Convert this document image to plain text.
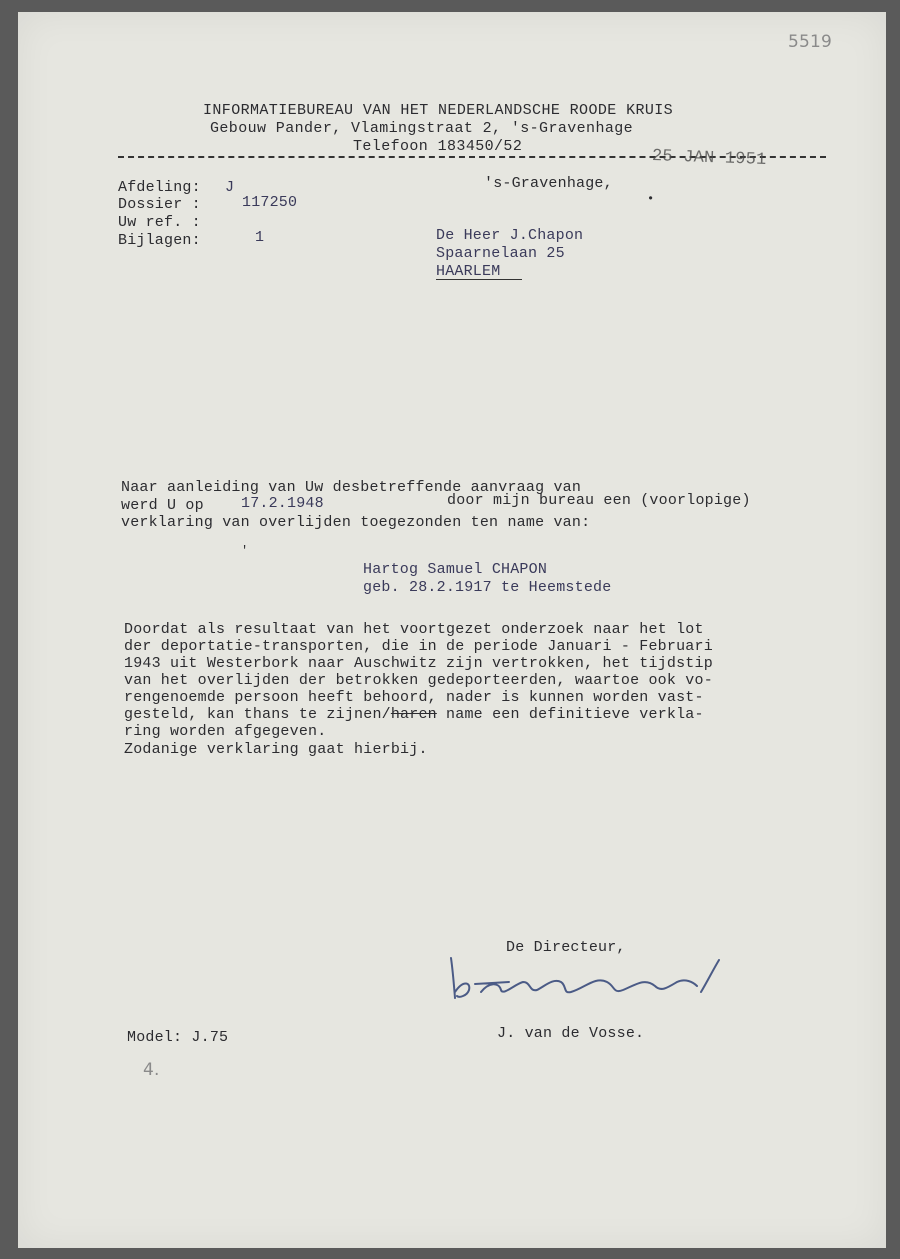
5519
INFORMATIEBUREAU VAN HET NEDERLANDSCHE ROODE KRUIS
Gebouw Pander, Vlamingstraat 2, 's-Gravenhage
Telefoon 183450/52
25 JAN 1951
's-Gravenhage,
•
Afdeling: J
Dossier :	117250
Uw ref. :
Bijlagen:	1	De Heer J.Chapon
Spaarnelaan 25
HAARLEM
Naar aanleiding van Uw desbetreffende aanvraag van
werd U op 17.2.1948	door mijn bureau een (voorlopige)
verklaring van overlijden toegezonden ten name van:
'
Hartog Samuel CHAPON
geb. 28.2.1917 te Heemstede
Doordat als resultaat van het voortgezet onderzoek naar het lot
der deportatie-transporten, die in de periode Januari - Februari
1943 uit Westerbork naar Auschwitz zijn vertrokken, het tijdstip
van het overlijden der betrokken gedeporteerden, waartoe ook vo-
rengenoemde persoon heeft behoord, nader is kunnen worden vast-
gesteld, kan thans te zijnen/haren name een definitieve verkla-
ring worden afgegeven.
Zodanige verklaring gaat hierbij.
De Directeur,
J. van de Vosse.
Model: J.75
4.
